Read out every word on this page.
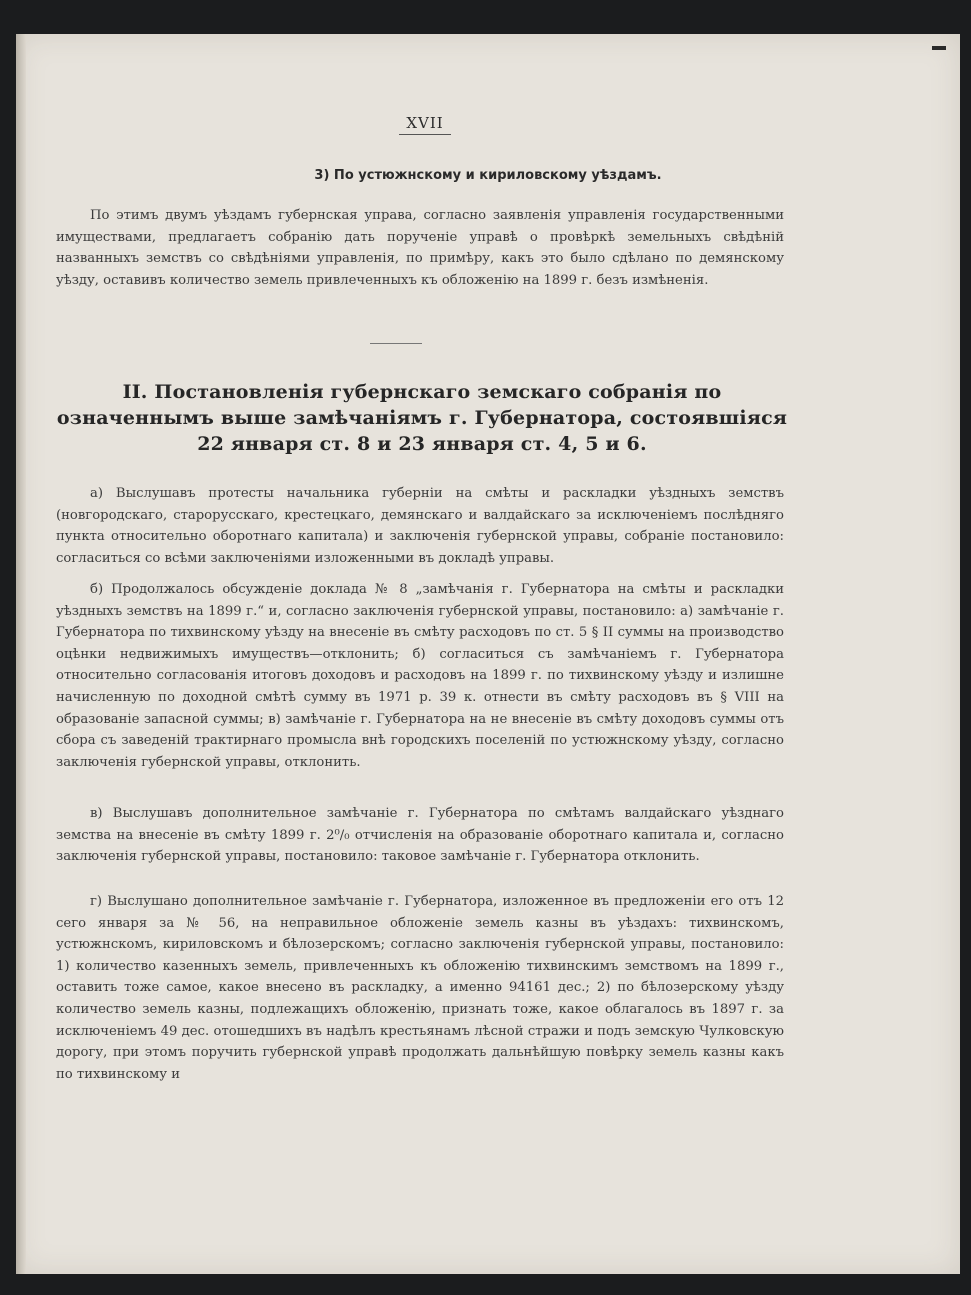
XVII
3) По устюжнскому и кириловскому уѣздамъ.

По этимъ двумъ уѣздамъ губернская управа, согласно заявленія управленія государственными имуществами, предлагаетъ собранію дать порученіе управѣ о провѣркѣ земельныхъ свѣдѣній названныхъ земствъ со свѣдѣніями управленія, по примѣру, какъ это было сдѣлано по демянскому уѣзду, оставивъ количество земель привлеченныхъ къ обложенію на 1899 г. безъ измѣненія.

II. Постановленія губернскаго земскаго собранія по означеннымъ выше замѣчаніямъ г. Губернатора, состоявшіяся 22 января ст. 8 и 23 января ст. 4, 5 и 6.

а) Выслушавъ протесты начальника губерніи на смѣты и раскладки уѣздныхъ земствъ (новгородскаго, старорусскаго, крестецкаго, демянскаго и валдайскаго за исключеніемъ послѣдняго пункта относительно оборотнаго капитала) и заключенія губернской управы, собраніе постановило: согласиться со всѣми заключеніями изложенными въ докладѣ управы.

б) Продолжалось обсужденіе доклада № 8 „замѣчанія г. Губернатора на смѣты и раскладки уѣздныхъ земствъ на 1899 г.“ и, согласно заключенія губернской управы, постановило: а) замѣчаніе г. Губернатора по тихвинскому уѣзду на внесеніе въ смѣту расходовъ по ст. 5 § II суммы на производство оцѣнки недвижимыхъ имуществъ—отклонить; б) согласиться съ замѣчаніемъ г. Губернатора относительно согласованія итоговъ доходовъ и расходовъ на 1899 г. по тихвинскому уѣзду и излишне начисленную по доходной смѣтѣ сумму въ 1971 р. 39 к. отнести въ смѣту расходовъ въ § VIII на образованіе запасной суммы; в) замѣчаніе г. Губернатора на не внесеніе въ смѣту доходовъ суммы отъ сбора съ заведеній трактирнаго промысла внѣ городскихъ поселеній по устюжнскому уѣзду, согласно заключенія губернской управы, отклонить.

в) Выслушавъ дополнительное замѣчаніе г. Губернатора по смѣтамъ валдайскаго уѣзднаго земства на внесеніе въ смѣту 1899 г. 2⁰/₀ отчисленія на образованіе оборотнаго капитала и, согласно заключенія губернской управы, постановило: таковое замѣчаніе г. Губернатора отклонить.

г) Выслушано дополнительное замѣчаніе г. Губернатора, изложенное въ предложеніи его отъ 12 сего января за № 56, на неправильное обложеніе земель казны въ уѣздахъ: тихвинскомъ, устюжнскомъ, кириловскомъ и бѣлозерскомъ; согласно заключенія губернской управы, постановило: 1) количество казенныхъ земель, привлеченныхъ къ обложенію тихвинскимъ земствомъ на 1899 г., оставить тоже самое, какое внесено въ раскладку, а именно 94161 дес.; 2) по бѣлозерскому уѣзду количество земель казны, подлежащихъ обложенію, признать тоже, какое облагалось въ 1897 г. за исключеніемъ 49 дес. отошедшихъ въ надѣлъ крестьянамъ лѣсной стражи и подъ земскую Чулковскую дорогу, при этомъ поручить губернской управѣ продолжать дальнѣйшую повѣрку земель казны какъ по тихвинскому и
